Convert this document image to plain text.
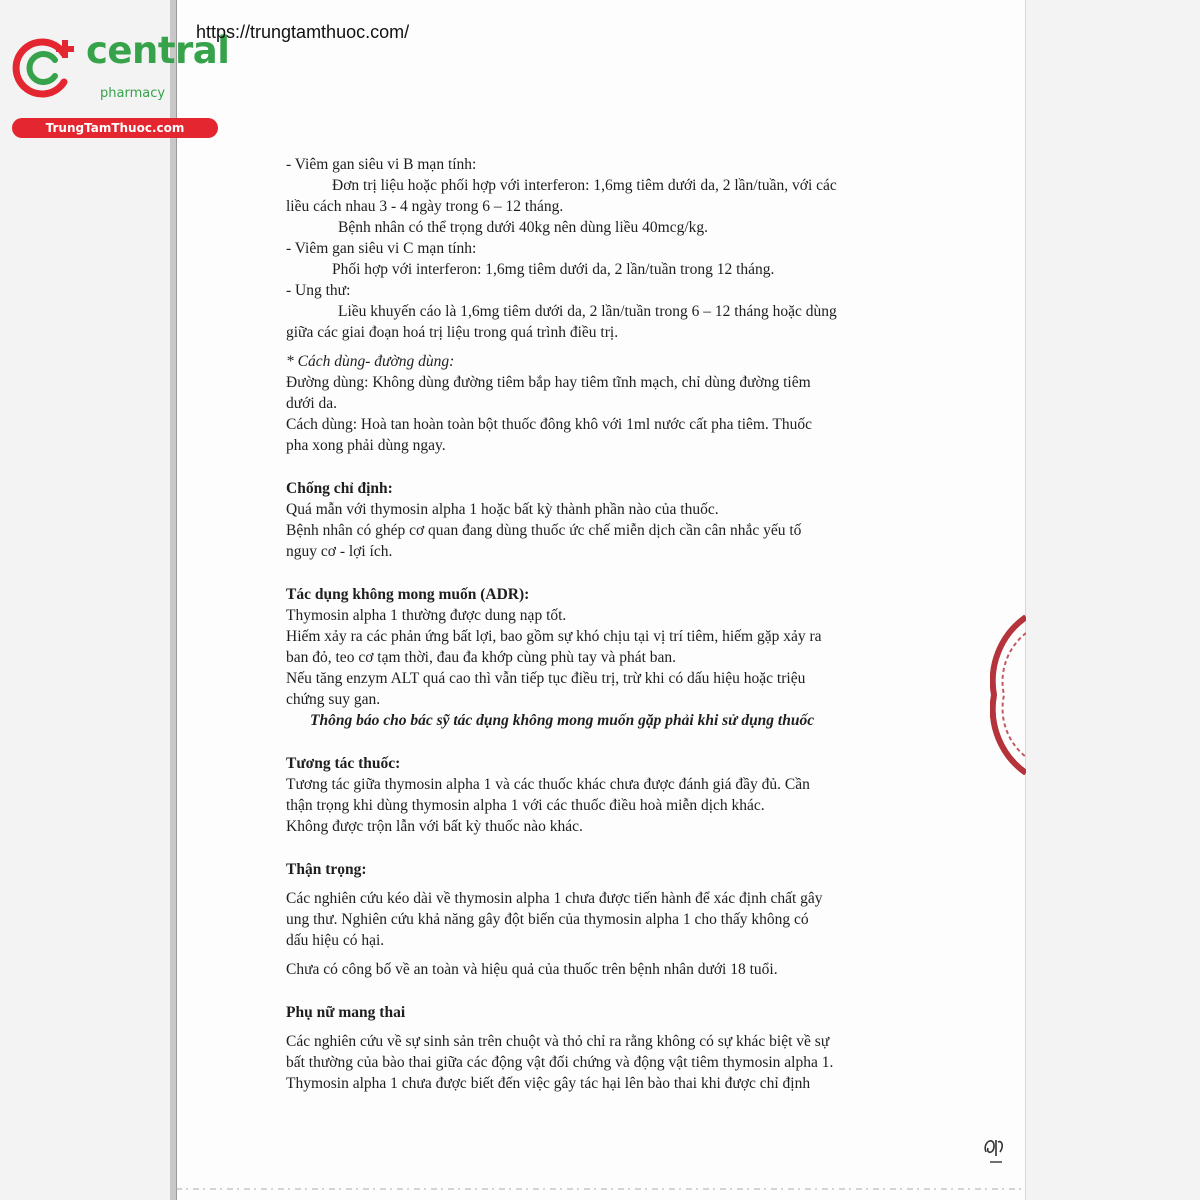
central
pharmacy
TrungTamThuoc.com
https://trungtamthuoc.com/
- Viêm gan siêu vi B mạn tính:
Đơn trị liệu hoặc phối hợp với interferon: 1,6mg tiêm dưới da, 2 lần/tuần, với các
liều cách nhau 3 - 4 ngày trong 6 – 12 tháng.
Bệnh nhân có thể trọng dưới 40kg nên dùng liều 40mcg/kg.
- Viêm gan siêu vi C mạn tính:
Phối hợp với interferon: 1,6mg tiêm dưới da, 2 lần/tuần trong 12 tháng.
- Ung thư:
Liều khuyến cáo là 1,6mg tiêm dưới da, 2 lần/tuần trong 6 – 12 tháng hoặc dùng
giữa các giai đoạn hoá trị liệu trong quá trình điều trị.
* Cách dùng- đường dùng:
Đường dùng: Không dùng đường tiêm bắp hay tiêm tĩnh mạch, chỉ dùng đường tiêm
dưới da.
Cách dùng: Hoà tan hoàn toàn bột thuốc đông khô với 1ml nước cất pha tiêm. Thuốc
pha xong phải dùng ngay.
Chống chỉ định:
Quá mẫn với thymosin alpha 1 hoặc bất kỳ thành phần nào của thuốc.
Bệnh nhân có ghép cơ quan đang dùng thuốc ức chế miễn dịch cần cân nhắc yếu tố
nguy cơ - lợi ích.
Tác dụng không mong muốn (ADR):
Thymosin alpha 1 thường được dung nạp tốt.
Hiếm xảy ra các phản ứng bất lợi, bao gồm sự khó chịu tại vị trí tiêm, hiếm gặp xảy ra
ban đỏ, teo cơ tạm thời, đau đa khớp cùng phù tay và phát ban.
Nếu tăng enzym ALT quá cao thì vẫn tiếp tục điều trị, trừ khi có dấu hiệu hoặc triệu
chứng suy gan.
Thông báo cho bác sỹ tác dụng không mong muốn gặp phải khi sử dụng thuốc
Tương tác thuốc:
Tương tác giữa thymosin alpha 1 và các thuốc khác chưa được đánh giá đầy đủ. Cần
thận trọng khi dùng thymosin alpha 1 với các thuốc điều hoà miễn dịch khác.
Không được trộn lẫn với bất kỳ thuốc nào khác.
Thận trọng:
Các nghiên cứu kéo dài về thymosin alpha 1 chưa được tiến hành để xác định chất gây
ung thư. Nghiên cứu khả năng gây đột biến của thymosin alpha 1 cho thấy không có
dấu hiệu có hại.
Chưa có công bố về an toàn và hiệu quả của thuốc trên bệnh nhân dưới 18 tuổi.
Phụ nữ mang thai
Các nghiên cứu về sự sinh sản trên chuột và thỏ chỉ ra rằng không có sự khác biệt về sự
bất thường của bào thai giữa các động vật đối chứng và động vật tiêm thymosin alpha 1.
Thymosin alpha 1 chưa được biết đến việc gây tác hại lên bào thai khi được chỉ định
